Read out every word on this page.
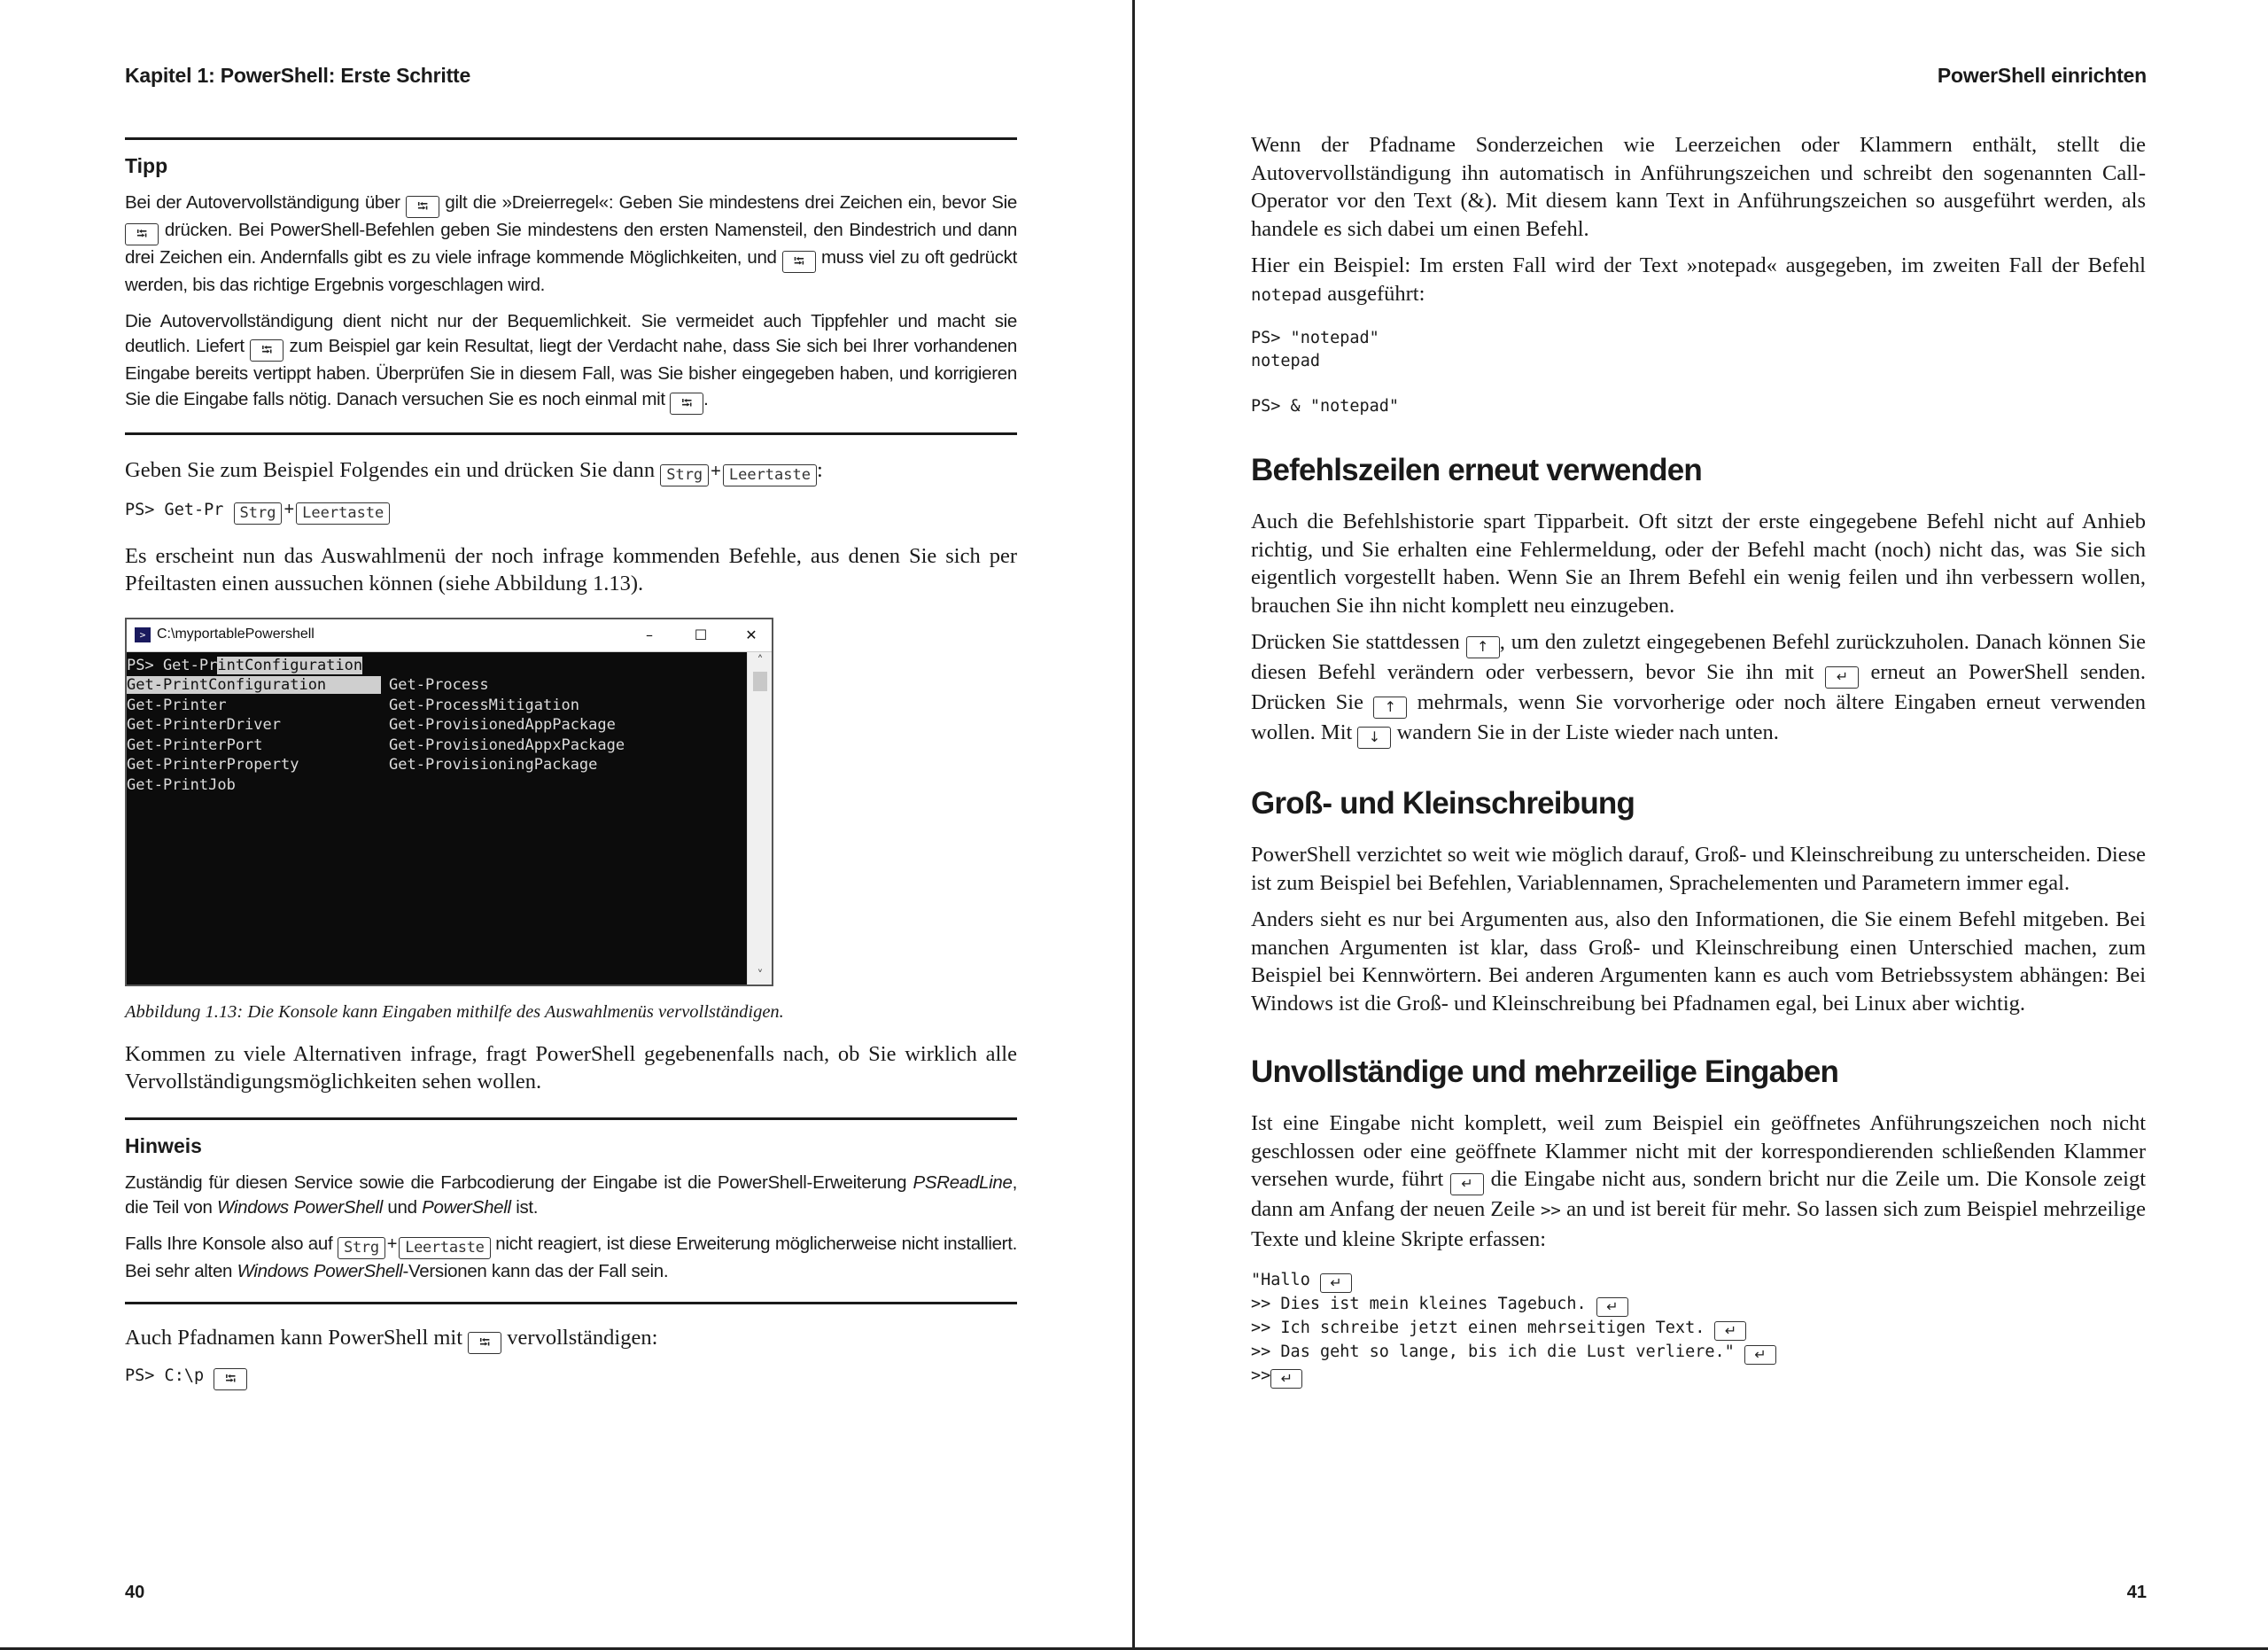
Kapitel 1: PowerShell: Erste Schritte
Tipp

Bei der Autovervollständigung über ⭾ gilt die »Dreierregel«: Geben Sie mindestens drei Zeichen ein, bevor Sie ⭾ drücken. Bei PowerShell-Befehlen geben Sie mindestens den ersten Namensteil, den Bindestrich und dann drei Zeichen ein. Andernfalls gibt es zu viele infrage kommende Möglichkeiten, und ⭾ muss viel zu oft gedrückt werden, bis das richtige Ergebnis vorgeschlagen wird.

Die Autovervollständigung dient nicht nur der Bequemlichkeit. Sie vermeidet auch Tippfehler und macht sie deutlich. Liefert ⭾ zum Beispiel gar kein Resultat, liegt der Verdacht nahe, dass Sie sich bei Ihrer vorhandenen Eingabe bereits vertippt haben. Überprüfen Sie in diesem Fall, was Sie bisher eingegeben haben, und korrigieren Sie die Eingabe falls nötig. Danach versuchen Sie es noch einmal mit ⭾ .

Geben Sie zum Beispiel Folgendes ein und drücken Sie dann Strg + Leertaste :

PS> Get-Pr Strg + Leertaste

Es erscheint nun das Auswahlmenü der noch infrage kommenden Befehle, aus denen Sie sich per Pfeiltasten einen aussuchen können (siehe Abbildung 1.13).

> C:\myportablePowershell	–	☐	✕
PS> Get-PrintConfiguration
Get-PrintConfiguration	Get-Process
Get-Printer	Get-ProcessMitigation
Get-PrinterDriver	Get-ProvisionedAppPackage
Get-PrinterPort	Get-ProvisionedAppxPackage
Get-PrinterProperty	Get-ProvisioningPackage
Get-PrintJob
˄
˅

Abbildung 1.13: Die Konsole kann Eingaben mithilfe des Auswahlmenüs vervollständigen.

Kommen zu viele Alternativen infrage, fragt PowerShell gegebenenfalls nach, ob Sie wirklich alle Vervollständigungsmöglichkeiten sehen wollen.

Hinweis

Zuständig für diesen Service sowie die Farbcodierung der Eingabe ist die PowerShell-Erweiterung PSReadLine, die Teil von Windows PowerShell und PowerShell ist.

Falls Ihre Konsole also auf Strg + Leertaste nicht reagiert, ist diese Erweiterung möglicherweise nicht installiert. Bei sehr alten Windows PowerShell-Versionen kann das der Fall sein.

Auch Pfadnamen kann PowerShell mit ⭾ vervollständigen:

PS> C:\p ⭾
40
PowerShell einrichten

Wenn der Pfadname Sonderzeichen wie Leerzeichen oder Klammern enthält, stellt die Autovervollständigung ihn automatisch in Anführungszeichen und schreibt den sogenannten Call-Operator vor den Text (&). Mit diesem kann Text in Anführungszeichen so ausgeführt werden, als handele es sich dabei um einen Befehl.

Hier ein Beispiel: Im ersten Fall wird der Text »notepad« ausgegeben, im zweiten Fall der Befehl notepad ausgeführt:

PS> "notepad"
notepad

PS> & "notepad"
Befehlszeilen erneut verwenden

Auch die Befehlshistorie spart Tipparbeit. Oft sitzt der erste eingegebene Befehl nicht auf Anhieb richtig, und Sie erhalten eine Fehlermeldung, oder der Befehl macht (noch) nicht das, was Sie sich eigentlich vorgestellt haben. Wenn Sie an Ihrem Befehl ein wenig feilen und ihn verbessern wollen, brauchen Sie ihn nicht komplett neu einzugeben.

Drücken Sie stattdessen ↑ , um den zuletzt eingegebenen Befehl zurückzuholen. Danach können Sie diesen Befehl verändern oder verbessern, bevor Sie ihn mit ↵ erneut an PowerShell senden. Drücken Sie ↑ mehrmals, wenn Sie vorvorherige oder noch ältere Eingaben erneut verwenden wollen. Mit ↓ wandern Sie in der Liste wieder nach unten.

Groß- und Kleinschreibung

PowerShell verzichtet so weit wie möglich darauf, Groß- und Kleinschreibung zu unterscheiden. Diese ist zum Beispiel bei Befehlen, Variablennamen, Sprachelementen und Parametern immer egal.

Anders sieht es nur bei Argumenten aus, also den Informationen, die Sie einem Befehl mitgeben. Bei manchen Argumenten ist klar, dass Groß- und Kleinschreibung einen Unterschied machen, zum Beispiel bei Kennwörtern. Bei anderen Argumenten kann es auch vom Betriebssystem abhängen: Bei Windows ist die Groß- und Kleinschreibung bei Pfadnamen egal, bei Linux aber wichtig.

Unvollständige und mehrzeilige Eingaben

Ist eine Eingabe nicht komplett, weil zum Beispiel ein geöffnetes Anführungszeichen noch nicht geschlossen oder eine geöffnete Klammer nicht mit der korrespondierenden schließenden Klammer versehen wurde, führt ↵ die Eingabe nicht aus, sondern bricht nur die Zeile um. Die Konsole zeigt dann am Anfang der neuen Zeile >> an und ist bereit für mehr. So lassen sich zum Beispiel mehrzeilige Texte und kleine Skripte erfassen:

"Hallo ↵
>> Dies ist mein kleines Tagebuch. ↵
>> Ich schreibe jetzt einen mehrseitigen Text. ↵
>> Das geht so lange, bis ich die Lust verliere." ↵
>> ↵
41
